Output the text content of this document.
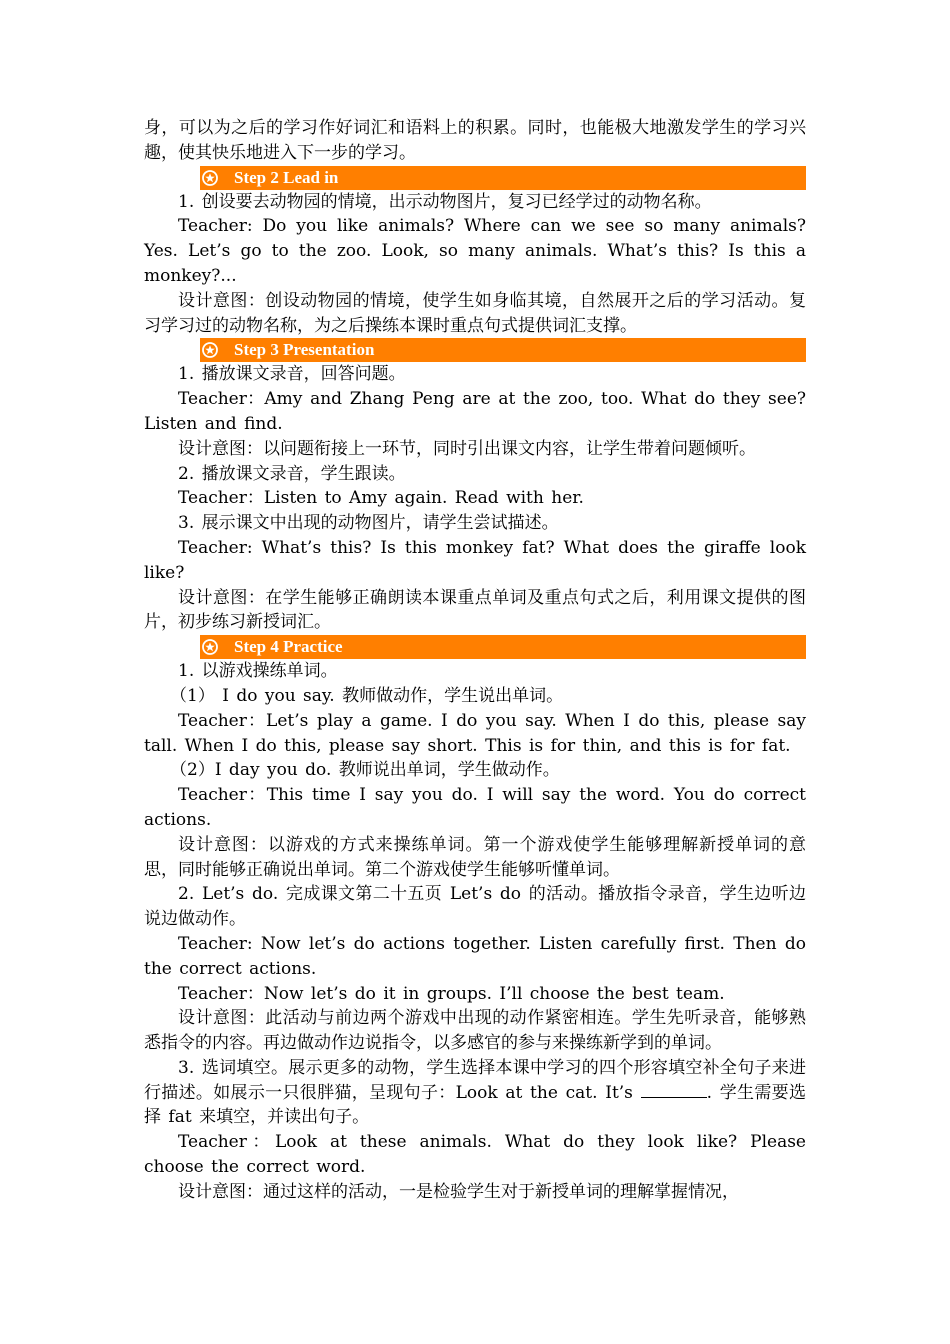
身，可以为之后的学习作好词汇和语料上的积累。同时，也能极大地激发学生的学习兴趣，使其快乐地进入下一步的学习。

Step 2 Lead in

1. 创设要去动物园的情境，出示动物图片，复习已经学过的动物名称。

Teacher: Do you like animals? Where can we see so many animals? Yes. Let’s go to the zoo. Look, so many animals. What’s this? Is this a monkey?...

设计意图：创设动物园的情境，使学生如身临其境，自然展开之后的学习活动。复习学习过的动物名称，为之后操练本课时重点句式提供词汇支撑。

Step 3 Presentation

1. 播放课文录音，回答问题。

Teacher：Amy and Zhang Peng are at the zoo, too. What do they see? Listen and find.

设计意图：以问题衔接上一环节，同时引出课文内容，让学生带着问题倾听。

2. 播放课文录音，学生跟读。

Teacher：Listen to Amy again. Read with her.

3. 展示课文中出现的动物图片，请学生尝试描述。

Teacher: What’s this? Is this monkey fat? What does the giraffe look like?

设计意图：在学生能够正确朗读本课重点单词及重点句式之后，利用课文提供的图片，初步练习新授词汇。

Step 4 Practice

1. 以游戏操练单词。

（1） I do you say. 教师做动作，学生说出单词。

Teacher：Let’s play a game. I do you say. When I do this, please say tall. When I do this, please say short. This is for thin, and this is for fat.

（2）I day you do. 教师说出单词，学生做动作。

Teacher：This time I say you do. I will say the word. You do correct actions.

设计意图：以游戏的方式来操练单词。第一个游戏使学生能够理解新授单词的意思，同时能够正确说出单词。第二个游戏使学生能够听懂单词。

2. Let’s do. 完成课文第二十五页 Let’s do 的活动。播放指令录音，学生边听边说边做动作。

Teacher: Now let’s do actions together. Listen carefully first. Then do the correct actions.

Teacher：Now let’s do it in groups. I’ll choose the best team.

设计意图：此活动与前边两个游戏中出现的动作紧密相连。学生先听录音，能够熟悉指令的内容。再边做动作边说指令，以多感官的参与来操练新学到的单词。

3. 选词填空。展示更多的动物，学生选择本课中学习的四个形容填空补全句子来进行描述。如展示一只很胖猫，呈现句子：Look at the cat. It’s	. 学生需要选择 fat 来填空，并读出句子。

Teacher：Look at these animals. What do they look like? Please choose the correct word.

设计意图：通过这样的活动，一是检验学生对于新授单词的理解掌握情况，
